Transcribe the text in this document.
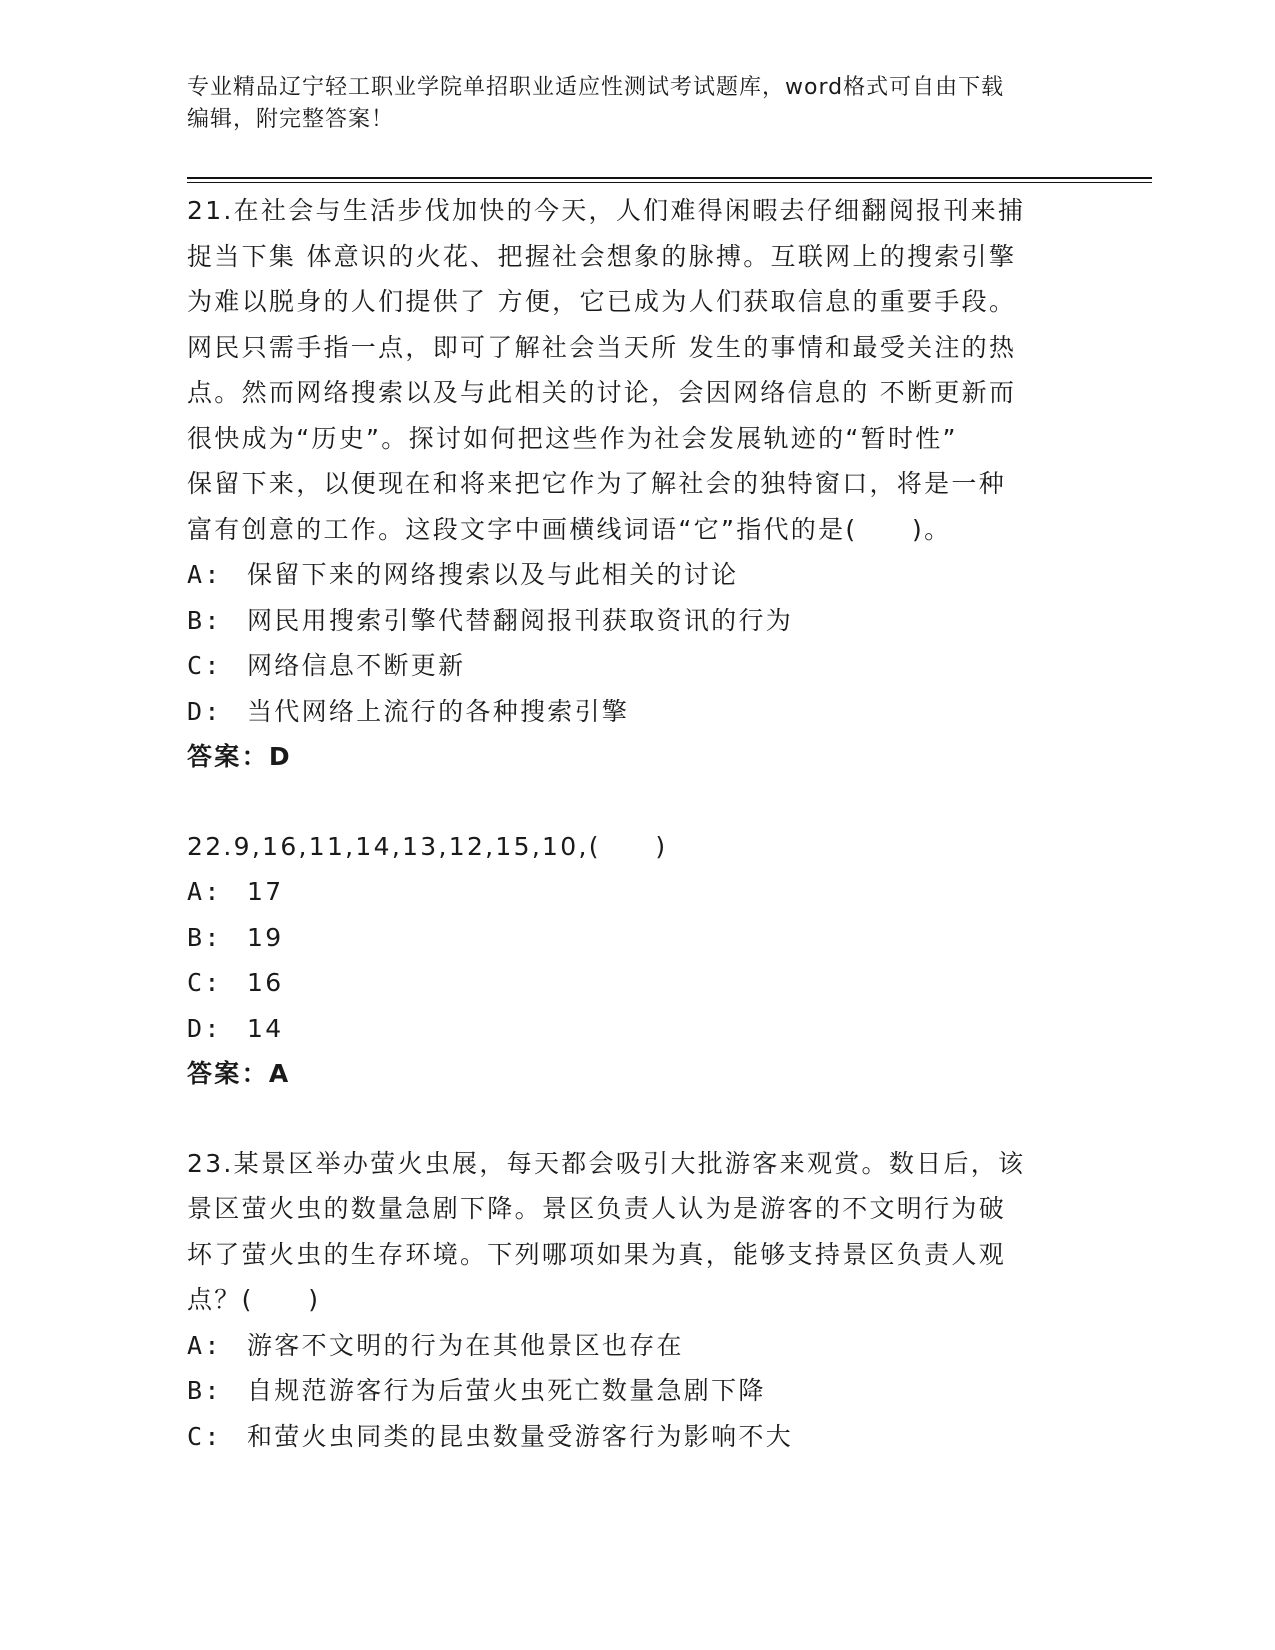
专业精品辽宁轻工职业学院单招职业适应性测试考试题库，word格式可自由下载
编辑，附完整答案！

21.在社会与生活步伐加快的今天，人们难得闲暇去仔细翻阅报刊来捕

捉当下集 体意识的火花、把握社会想象的脉搏。互联网上的搜索引擎

为难以脱身的人们提供了 方便，它已成为人们获取信息的重要手段。

网民只需手指一点，即可了解社会当天所 发生的事情和最受关注的热

点。然而网络搜索以及与此相关的讨论，会因网络信息的 不断更新而

很快成为“历史”。探讨如何把这些作为社会发展轨迹的“暂时性”

保留下来，以便现在和将来把它作为了解社会的独特窗口，将是一种

富有创意的工作。这段文字中画横线词语“它”指代的是(　　)。

A:	保留下来的网络搜索以及与此相关的讨论
B:	网民用搜索引擎代替翻阅报刊获取资讯的行为
C:	网络信息不断更新
D:	当代网络上流行的各种搜索引擎

答案：D

22.9,16,11,14,13,12,15,10,(　　)

A:	17
B:	19
C:	16
D:	14

答案：A

23.某景区举办萤火虫展，每天都会吸引大批游客来观赏。数日后，该

景区萤火虫的数量急剧下降。景区负责人认为是游客的不文明行为破

坏了萤火虫的生存环境。下列哪项如果为真，能够支持景区负责人观

点？(　　)

A:	游客不文明的行为在其他景区也存在
B:	自规范游客行为后萤火虫死亡数量急剧下降
C:	和萤火虫同类的昆虫数量受游客行为影响不大
